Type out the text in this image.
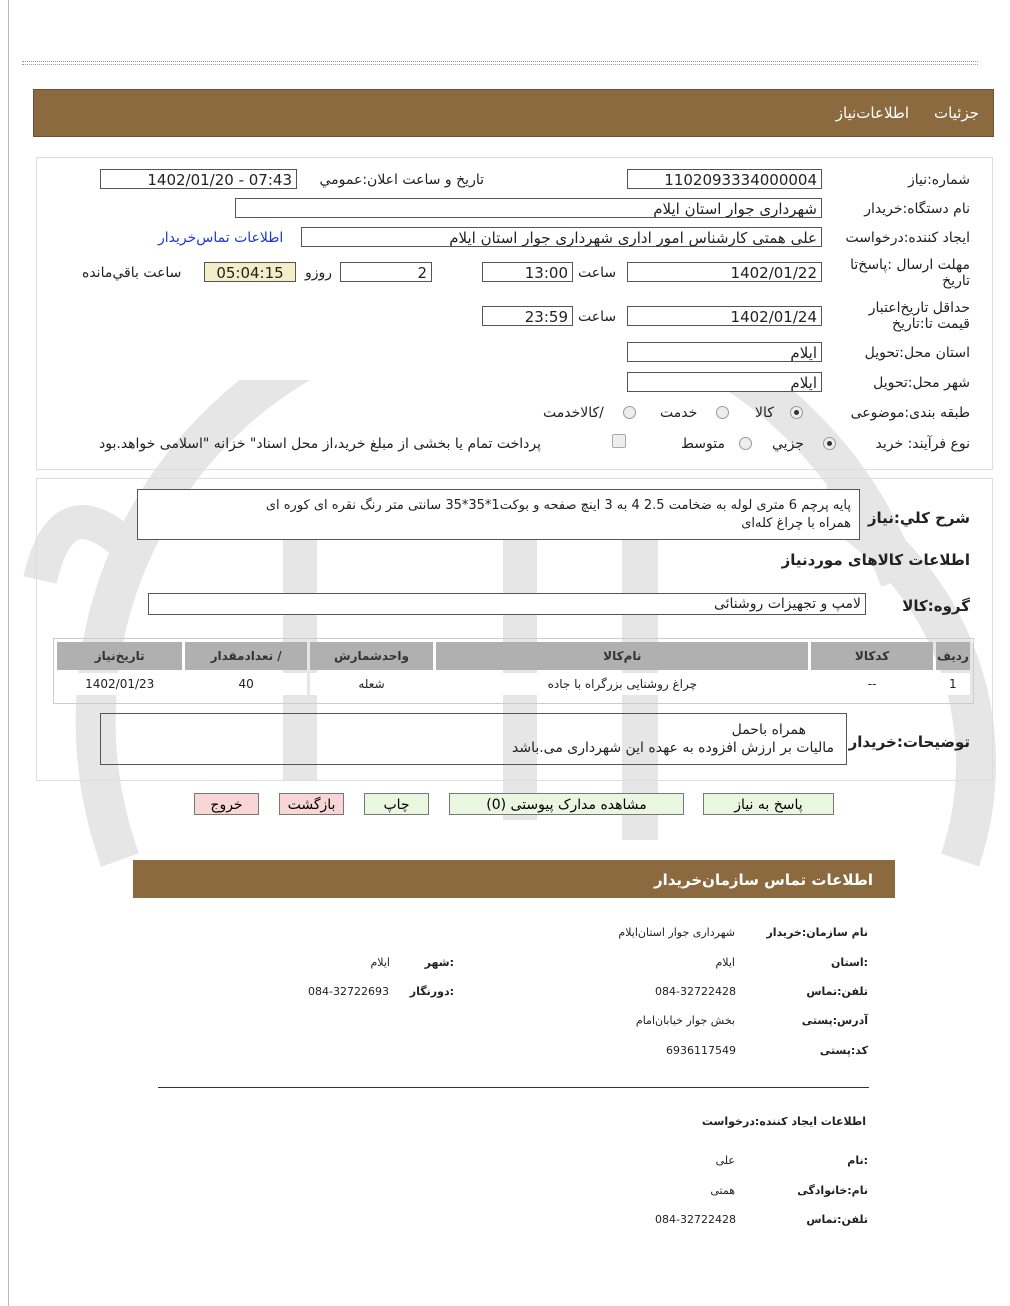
جزئیات
اطلاعات‌نیاز
شماره:نیاز
1102093334000004
تاریخ و ساعت اعلان:عمومي
1402/01/20 - 07:43
نام دستگاه:خریدار
شهرداری جوار استان ایلام
ایجاد کننده:درخواست
علی همتی کارشناس امور اداری شهرداری جوار استان ایلام
اطلاعات تماس‌خریدار
مهلت ارسال :پاسخ‌تا تاریخ
1402/01/22
ساعت
13:00
2
روزو
05:04:15
ساعت باقي‌مانده
حداقل تاریخ‌اعتبار قیمت تا:تاریخ
1402/01/24
ساعت
23:59
استان محل:تحویل
ایلام
شهر محل:تحویل
ایلام
طبقه بندی:موضوعی
کالا
خدمت
/کالاخدمت
نوع فرآیند: خرید
جزیي
متوسط
پرداخت تمام یا بخشی از مبلغ خرید،از محل اسناد" خزانه "اسلامی خواهد.بود
شرح کلي:نیاز
پایه پرچم 6 متری لوله به ضخامت 2.5 4 به 3 اینچ صفحه و بوکت1*35*35 سانتی متر رنگ نقره ای کوره ای
همراه با چراغ کله‌ای
اطلاعات کالاهای موردنیاز
گروه:کالا
لامپ و تجهیزات روشنائی
ردیف	کدکالا	نام‌کالا	واحدشمارش	/ تعدادمقدار	تاریخ‌نیاز
1	--	چراغ روشنایی بزرگراه با جاده	شعله	40	1402/01/23
توضیحات:خریدار
همراه باحمل
مالیات بر ارزش افزوده به عهده این شهرداری می.باشد
پاسخ به نیاز
مشاهده مدارک پیوستی (0)
چاپ
بازگشت
خروج
اطلاعات تماس سازمان‌خریدار
نام سازمان:خریدار
شهرداری جوار استان‌ایلام
:استان
ایلام
:شهر
ایلام
تلفن:تماس
084-32722428
:دورنگار
084-32722693
آدرس:پستی
بخش جوار خیابان‌امام
کد:پستی
6936117549
اطلاعات ایجاد کننده:درخواست
:نام
علی
نام:خانوادگی
همتی
تلفن:تماس
084-32722428
